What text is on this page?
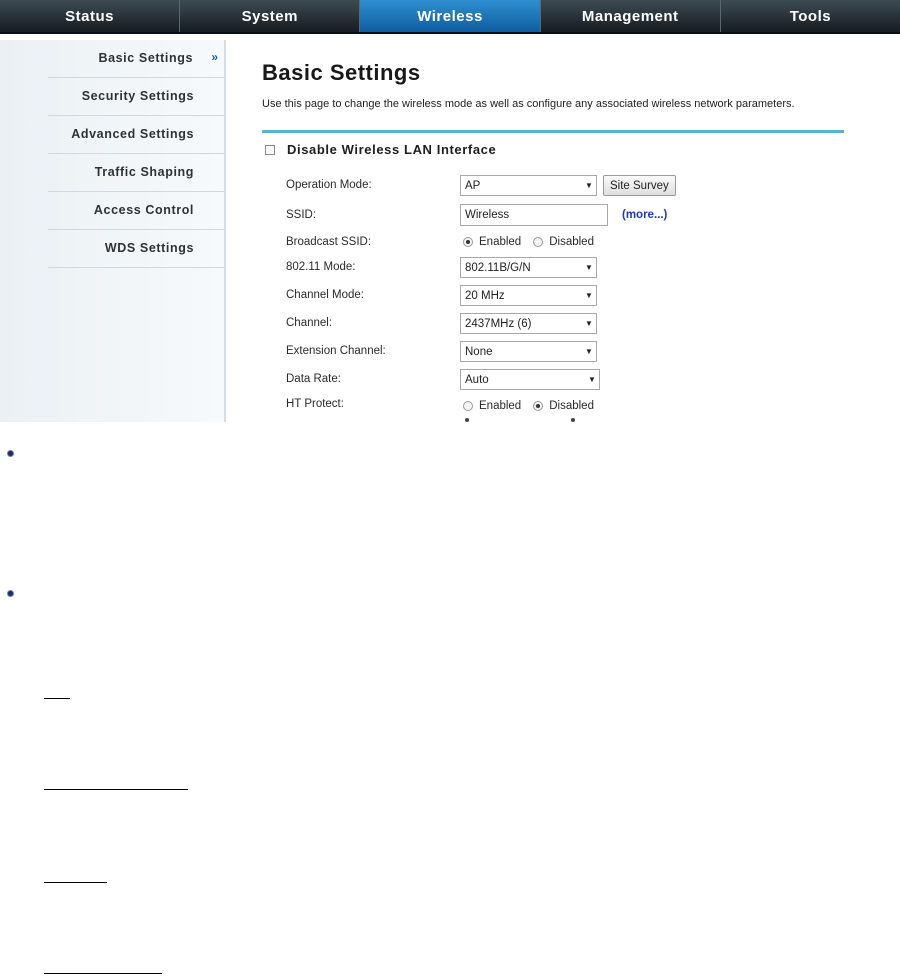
Status	System	Wireless	Management	Tools
Basic Settings »
Security Settings
Advanced Settings
Traffic Shaping
Access Control
WDS Settings
Basic Settings
Use this page to change the wireless mode as well as configure any associated wireless network parameters.
Disable Wireless LAN Interface
Operation Mode:	AP	▼	Site Survey
SSID:
Wireless	(more...)
Broadcast SSID:	Enabled Disabled
802.11 Mode:	802.11B/G/N	▼
Channel Mode:	20 MHz	▼
Channel:	2437MHz (6)	▼
Extension Channel:	None	▼
Data Rate:	Auto	▼
HT Protect:	Enabled Disabled
